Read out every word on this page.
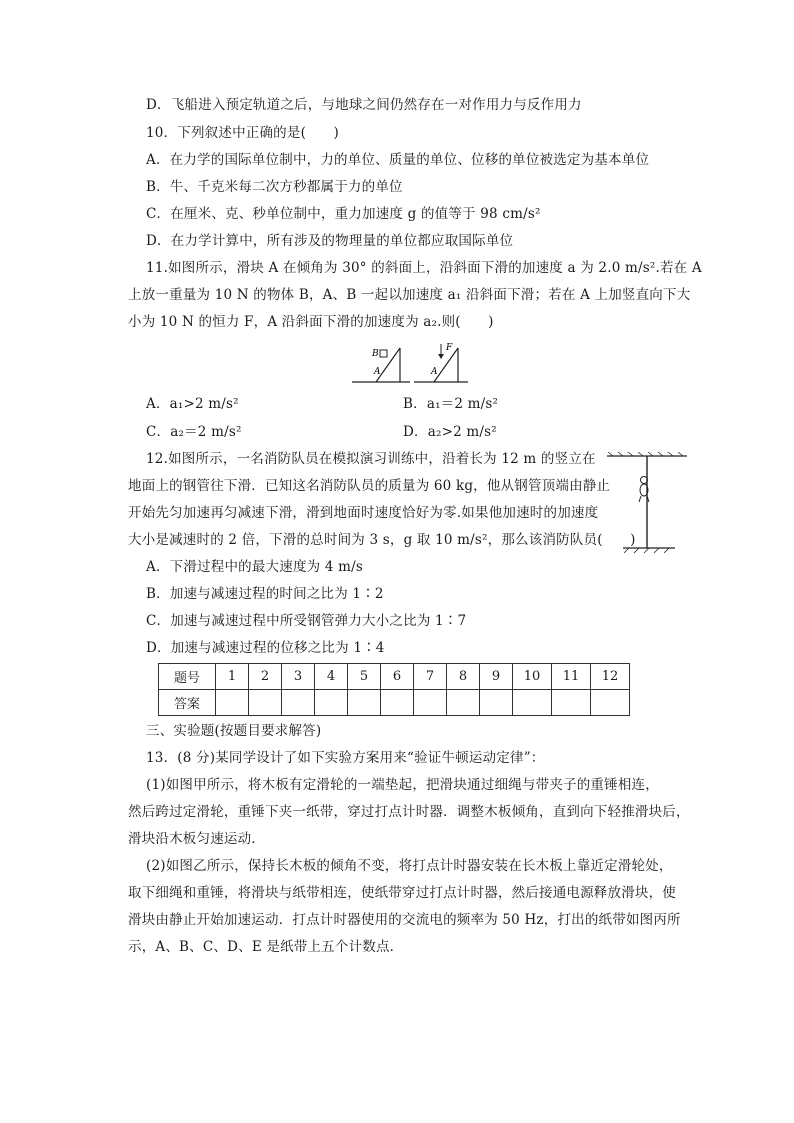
D．飞船进入预定轨道之后，与地球之间仍然存在一对作用力与反作用力
10．下列叙述中正确的是(　　)
A．在力学的国际单位制中，力的单位、质量的单位、位移的单位被选定为基本单位
B．牛、千克米每二次方秒都属于力的单位
C．在厘米、克、秒单位制中，重力加速度 g 的值等于 98 cm/s²
D．在力学计算中，所有涉及的物理量的单位都应取国际单位
11.如图所示，滑块 A 在倾角为 30° 的斜面上，沿斜面下滑的加速度 a 为 2.0 m/s².若在 A
上放一重量为 10 N 的物体 B，A、B 一起以加速度 a₁ 沿斜面下滑；若在 A 上加竖直向下大
小为 10 N 的恒力 F，A 沿斜面下滑的加速度为 a₂.则(　　)
B
A
F
A
A．a₁>2 m/s²	B．a₁＝2 m/s²
C．a₂＝2 m/s²	D．a₂>2 m/s²
12.如图所示，一名消防队员在模拟演习训练中，沿着长为 12 m 的竖立在
地面上的钢管往下滑．已知这名消防队员的质量为 60 kg，他从钢管顶端由静止
开始先匀加速再匀减速下滑，滑到地面时速度恰好为零.如果他加速时的加速度
大小是减速时的 2 倍，下滑的总时间为 3 s，g 取 10 m/s²，那么该消防队员(　　)
A．下滑过程中的最大速度为 4 m/s
B．加速与减速过程的时间之比为 1∶2
C．加速与减速过程中所受钢管弹力大小之比为 1∶7
D．加速与减速过程的位移之比为 1∶4
题号	1	2	3	4	5	6	7	8	9	10	11	12
答案												
三、实验题(按题目要求解答)
13．(8 分)某同学设计了如下实验方案用来“验证牛顿运动定律”：
(1)如图甲所示，将木板有定滑轮的一端垫起，把滑块通过细绳与带夹子的重锤相连，
然后跨过定滑轮，重锤下夹一纸带，穿过打点计时器．调整木板倾角，直到向下轻推滑块后，
滑块沿木板匀速运动．
(2)如图乙所示，保持长木板的倾角不变，将打点计时器安装在长木板上靠近定滑轮处，
取下细绳和重锤，将滑块与纸带相连，使纸带穿过打点计时器，然后接通电源释放滑块，使
滑块由静止开始加速运动．打点计时器使用的交流电的频率为 50 Hz，打出的纸带如图丙所
示，A、B、C、D、E 是纸带上五个计数点．
